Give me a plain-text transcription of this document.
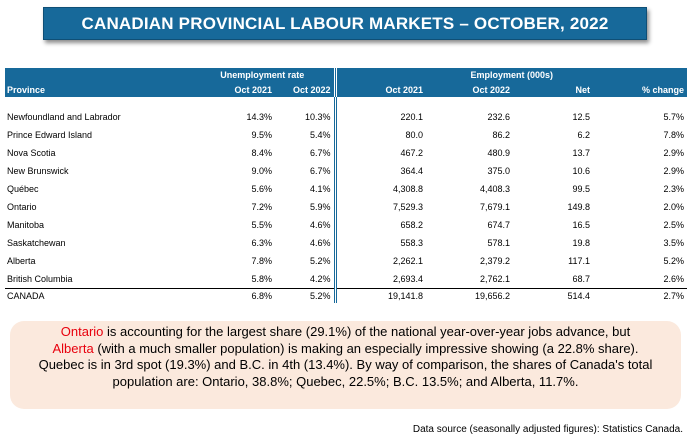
CANADIAN PROVINCIAL LABOUR MARKETS – OCTOBER, 2022
	Unemployment rate		Employment (000s)			
Province	Oct 2021	Oct 2022	Oct 2021	Oct 2022	Net	% change

Newfoundland and Labrador	14.3%	10.3%	220.1	232.6	12.5	5.7%
Prince Edward Island	9.5%	5.4%	80.0	86.2	6.2	7.8%
Nova Scotia	8.4%	6.7%	467.2	480.9	13.7	2.9%
New Brunswick	9.0%	6.7%	364.4	375.0	10.6	2.9%
Québec	5.6%	4.1%	4,308.8	4,408.3	99.5	2.3%
Ontario	7.2%	5.9%	7,529.3	7,679.1	149.8	2.0%
Manitoba	5.5%	4.6%	658.2	674.7	16.5	2.5%
Saskatchewan	6.3%	4.6%	558.3	578.1	19.8	3.5%
Alberta	7.8%	5.2%	2,262.1	2,379.2	117.1	5.2%
British Columbia	5.8%	4.2%	2,693.4	2,762.1	68.7	2.6%
CANADA	6.8%	5.2%	19,141.8	19,656.2	514.4	2.7%
Ontario is accounting for the largest share (29.1%) of the national year-over-year jobs advance, but
Alberta (with a much smaller population) is making an especially impressive showing (a 22.8% share).
Quebec is in 3rd spot (19.3%) and B.C. in 4th (13.4%). By way of comparison, the shares of Canada's total
population are: Ontario, 38.8%; Quebec, 22.5%; B.C. 13.5%; and Alberta, 11.7%.
Data source (seasonally adjusted figures): Statistics Canada.
